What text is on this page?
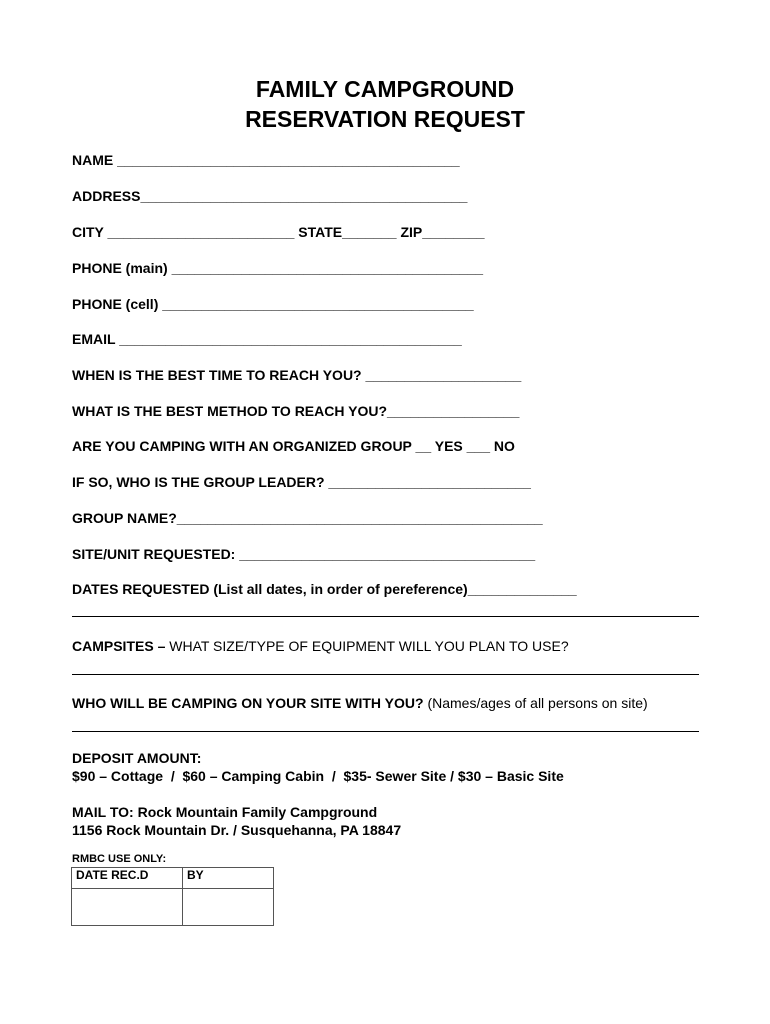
FAMILY CAMPGROUND
RESERVATION REQUEST
NAME ____________________________________________
ADDRESS__________________________________________
CITY ________________________ STATE_______ ZIP________
PHONE (main) ________________________________________
PHONE (cell) ________________________________________
EMAIL ____________________________________________
WHEN IS THE BEST TIME TO REACH YOU? ____________________
WHAT IS THE BEST METHOD TO REACH YOU?_________________
ARE YOU CAMPING WITH AN ORGANIZED GROUP __ YES ___ NO
IF SO, WHO IS THE GROUP LEADER? __________________________
GROUP NAME?_______________________________________________
SITE/UNIT REQUESTED: ______________________________________
DATES REQUESTED (List all dates, in order of pereference)______________
CAMPSITES – WHAT SIZE/TYPE OF EQUIPMENT WILL YOU PLAN TO USE?
WHO WILL BE CAMPING ON YOUR SITE WITH YOU? (Names/ages of all persons on site)
DEPOSIT AMOUNT:
$90 – Cottage  /  $60 – Camping Cabin  /  $35- Sewer Site / $30 – Basic Site
MAIL TO: Rock Mountain Family Campground
1156 Rock Mountain Dr. / Susquehanna, PA 18847
RMBC USE ONLY:
DATE REC.D	BY
